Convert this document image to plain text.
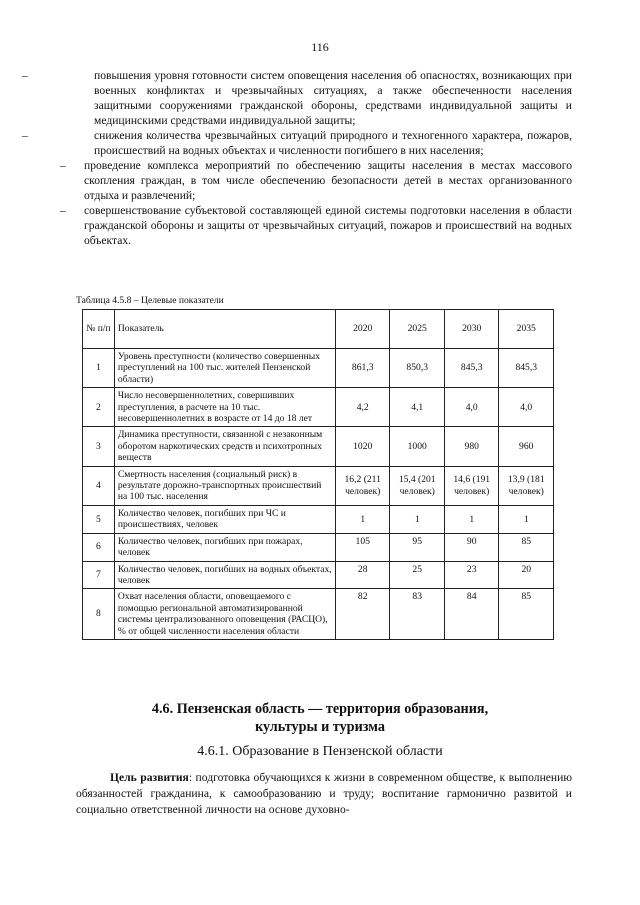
116
–	повышения уровня готовности систем оповещения населения об опасностях, возникающих при военных конфликтах и чрезвычайных ситуациях, а также обеспеченности населения защитными сооружениями гражданской обороны, средствами индивидуальной защиты и медицинскими средствами индивидуальной защиты;
–	снижения количества чрезвычайных ситуаций природного и техногенного характера, пожаров, происшествий на водных объектах и численности погибшего в них населения;
– проведение комплекса мероприятий по обеспечению защиты населения в местах массового скопления граждан, в том числе обеспечению безопасности детей в местах организованного отдыха и развлечений;
– совершенствование субъектовой составляющей единой системы подготовки населения в области гражданской обороны и защиты от чрезвычайных ситуаций, пожаров и происшествий на водных объектах.
Таблица 4.5.8 – Целевые показатели
№ п/п	Показатель	2020	2025	2030	2035
1	Уровень преступности (количество совершенных преступлений на 100 тыс. жителей Пензенской области)	861,3	850,3	845,3	845,3
2	Число несовершеннолетних, совершивших преступления, в расчете на 10 тыс. несовершеннолетних в возрасте от 14 до 18 лет	4,2	4,1	4,0	4,0
3	Динамика преступности, связанной с незаконным оборотом наркотических средств и психотропных веществ	1020	1000	980	960
4	Смертность населения (социальный риск) в результате дорожно-транспортных происшествий на 100 тыс. населения	16,2 (211 человек)	15,4 (201 человек)	14,6 (191 человек)	13,9 (181 человек)
5	Количество человек, погибших при ЧС и происшествиях, человек	1	1	1	1
6	Количество человек, погибших при пожарах, человек	105	95	90	85
7	Количество человек, погибших на водных объектах, человек	28	25	23	20
8	Охват населения области, оповещаемого с помощью региональной автоматизированной системы централизованного оповещения (РАСЦО), % от общей численности населения области	82	83	84	85
4.6. Пензенская область — территория образования,
культуры и туризма
4.6.1. Образование в Пензенской области
Цель развития: подготовка обучающихся к жизни в современном обществе, к выполнению обязанностей гражданина, к самообразованию и труду; воспитание гармонично развитой и социально ответственной личности на основе духовно-
